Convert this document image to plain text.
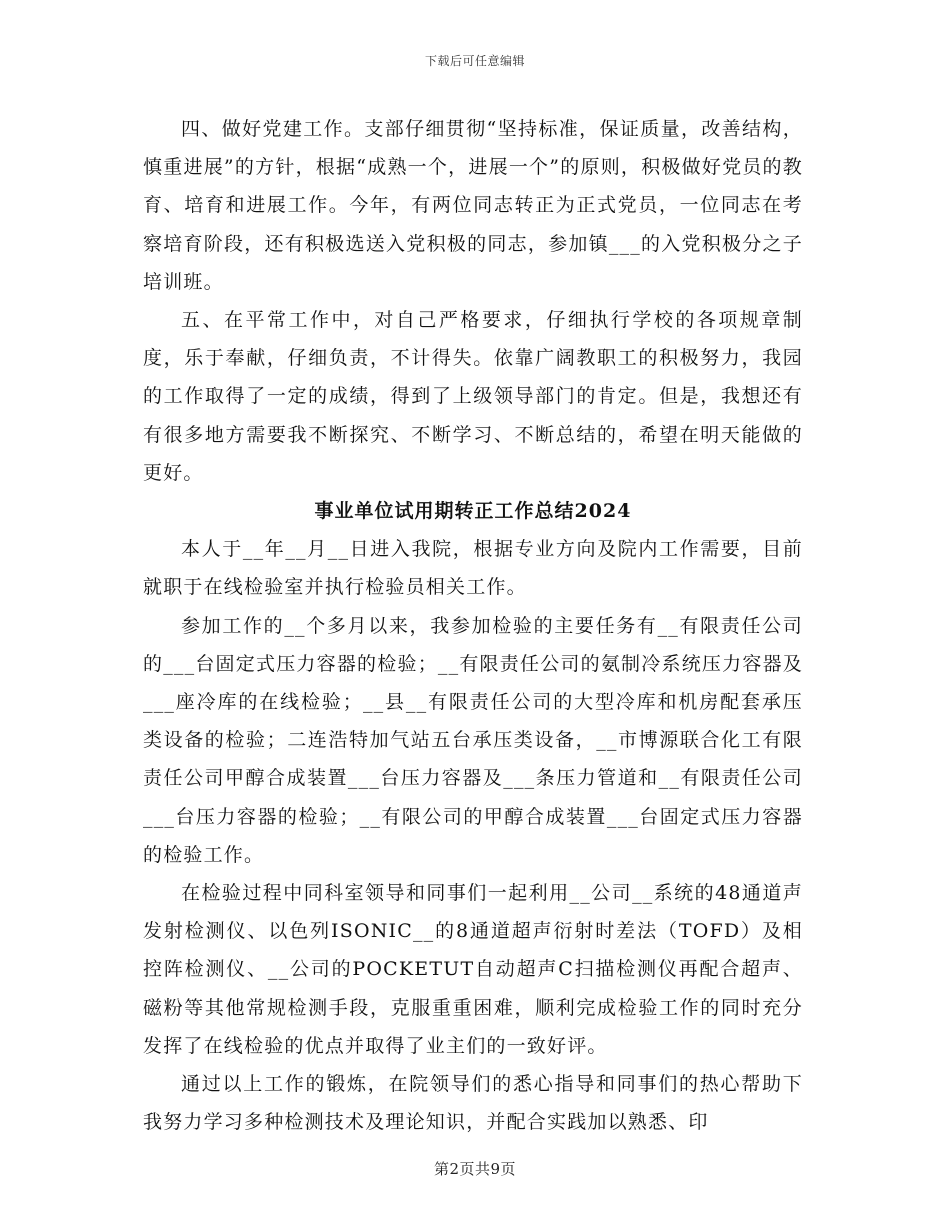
下载后可任意编辑

四、做好党建工作。支部仔细贯彻“坚持标准，保证质量，改善结构，慎重进展”的方针，根据“成熟一个，进展一个”的原则，积极做好党员的教育、培育和进展工作。今年，有两位同志转正为正式党员，一位同志在考察培育阶段，还有积极选送入党积极的同志，参加镇___的入党积极分之子培训班。

五、在平常工作中，对自己严格要求，仔细执行学校的各项规章制度，乐于奉献，仔细负责，不计得失。依靠广阔教职工的积极努力，我园的工作取得了一定的成绩，得到了上级领导部门的肯定。但是，我想还有有很多地方需要我不断探究、不断学习、不断总结的，希望在明天能做的更好。

事业单位试用期转正工作总结2024

本人于__年__月__日进入我院，根据专业方向及院内工作需要，目前就职于在线检验室并执行检验员相关工作。

参加工作的__个多月以来，我参加检验的主要任务有__有限责任公司的___台固定式压力容器的检验；__有限责任公司的氨制冷系统压力容器及___座冷库的在线检验；__县__有限责任公司的大型冷库和机房配套承压类设备的检验；二连浩特加气站五台承压类设备，__市博源联合化工有限责任公司甲醇合成装置___台压力容器及___条压力管道和__有限责任公司___台压力容器的检验；__有限公司的甲醇合成装置___台固定式压力容器的检验工作。

在检验过程中同科室领导和同事们一起利用__公司__系统的48通道声发射检测仪、以色列ISONIC__的8通道超声衍射时差法（TOFD）及相控阵检测仪、__公司的POCKETUT自动超声C扫描检测仪再配合超声、磁粉等其他常规检测手段，克服重重困难，顺利完成检验工作的同时充分发挥了在线检验的优点并取得了业主们的一致好评。

通过以上工作的锻炼，在院领导们的悉心指导和同事们的热心帮助下我努力学习多种检测技术及理论知识，并配合实践加以熟悉、印

第2页共9页
